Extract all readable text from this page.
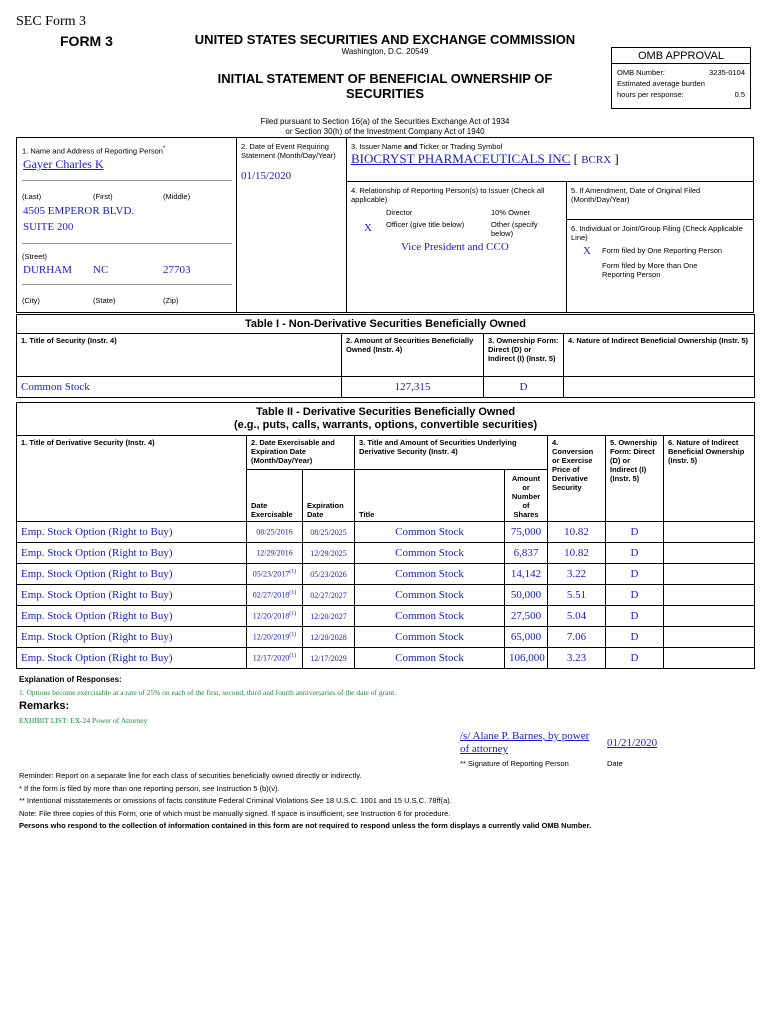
SEC Form 3
FORM 3	UNITED STATES SECURITIES AND EXCHANGE COMMISSION
Washington, D.C. 20549
INITIAL STATEMENT OF BENEFICIAL OWNERSHIP OF
SECURITIES
Filed pursuant to Section 16(a) of the Securities Exchange Act of 1934
or Section 30(h) of the Investment Company Act of 1940
OMB APPROVAL
OMB Number:	3235-0104
Estimated average burden
hours per response:	0.5
1. Name and Address of Reporting Person*
Gayer Charles K
(Last)	(First)	(Middle)
4505 EMPEROR BLVD.
SUITE 200
(Street)
DURHAM NC	27703
(City)	(State)	(Zip)
2. Date of Event Requiring Statement (Month/Day/Year)
01/15/2020
3. Issuer Name and Ticker or Trading Symbol
BIOCRYST PHARMACEUTICALS INC [ BCRX ]
4. Relationship of Reporting Person(s) to Issuer (Check all applicable)
Director	10% Owner
X Officer (give title below)	Other (specify below)
Vice President and CCO
5. If Amendment, Date of Original Filed (Month/Day/Year)
6. Individual or Joint/Group Filing (Check Applicable Line)
X Form filed by One Reporting Person
Form filed by More than One Reporting Person
Table I - Non-Derivative Securities Beneficially Owned			
1. Title of Security (Instr. 4)	2. Amount of Securities Beneficially Owned (Instr. 4)	3. Ownership Form: Direct (D) or Indirect (I) (Instr. 5)	4. Nature of Indirect Beneficial Ownership (Instr. 5)
Common Stock	127,315	D	
Table II - Derivative Securities Beneficially Owned
(e.g., puts, calls, warrants, options, convertible securities)							

1. Title of Derivative Security (Instr. 4)	2. Date Exercisable and Expiration Date (Month/Day/Year)		3. Title and Amount of Securities Underlying Derivative Security (Instr. 4)		4. Conversion or Exercise Price of Derivative Security	5. Ownership Form: Direct (D) or Indirect (I) (Instr. 5)	6. Nature of Indirect Beneficial Ownership (Instr. 5)
	Date Exercisable	Expiration Date	Title	Amount or Number of Shares			
Emp. Stock Option (Right to Buy)	08/25/2016	08/25/2025	Common Stock	75,000	10.82	D	
Emp. Stock Option (Right to Buy)	12/29/2016	12/29/2025	Common Stock	6,837	10.82	D	
Emp. Stock Option (Right to Buy)	05/23/2017$^{(1)}$	05/23/2026	Common Stock	14,142	3.22	D	
Emp. Stock Option (Right to Buy)	02/27/2018$^{(1)}$	02/27/2027	Common Stock	50,000	5.51	D	
Emp. Stock Option (Right to Buy)	12/20/2018$^{(1)}$	12/20/2027	Common Stock	27,500	5.04	D	
Emp. Stock Option (Right to Buy)	12/20/2019$^{(1)}$	12/20/2028	Common Stock	65,000	7.06	D	
Emp. Stock Option (Right to Buy)	12/17/2020$^{(1)}$	12/17/2029	Common Stock	106,000	3.23	D	
Explanation of Responses:
1. Options become exercisable at a rate of 25% on each of the first, second, third and fourth anniversaries of the date of grant.
Remarks:
EXHIBIT LIST: EX-24 Power of Attorney
/s/ Alane P. Barnes, by power
of attorney	01/21/2020
** Signature of Reporting Person	Date
Reminder: Report on a separate line for each class of securities beneficially owned directly or indirectly.
* If the form is filed by more than one reporting person, see Instruction 5 (b)(v).
** Intentional misstatements or omissions of facts constitute Federal Criminal Violations See 18 U.S.C. 1001 and 15 U.S.C. 78ff(a).
Note: File three copies of this Form, one of which must be manually signed. If space is insufficient, see Instruction 6 for procedure.
Persons who respond to the collection of information contained in this form are not required to respond unless the form displays a currently valid OMB Number.
